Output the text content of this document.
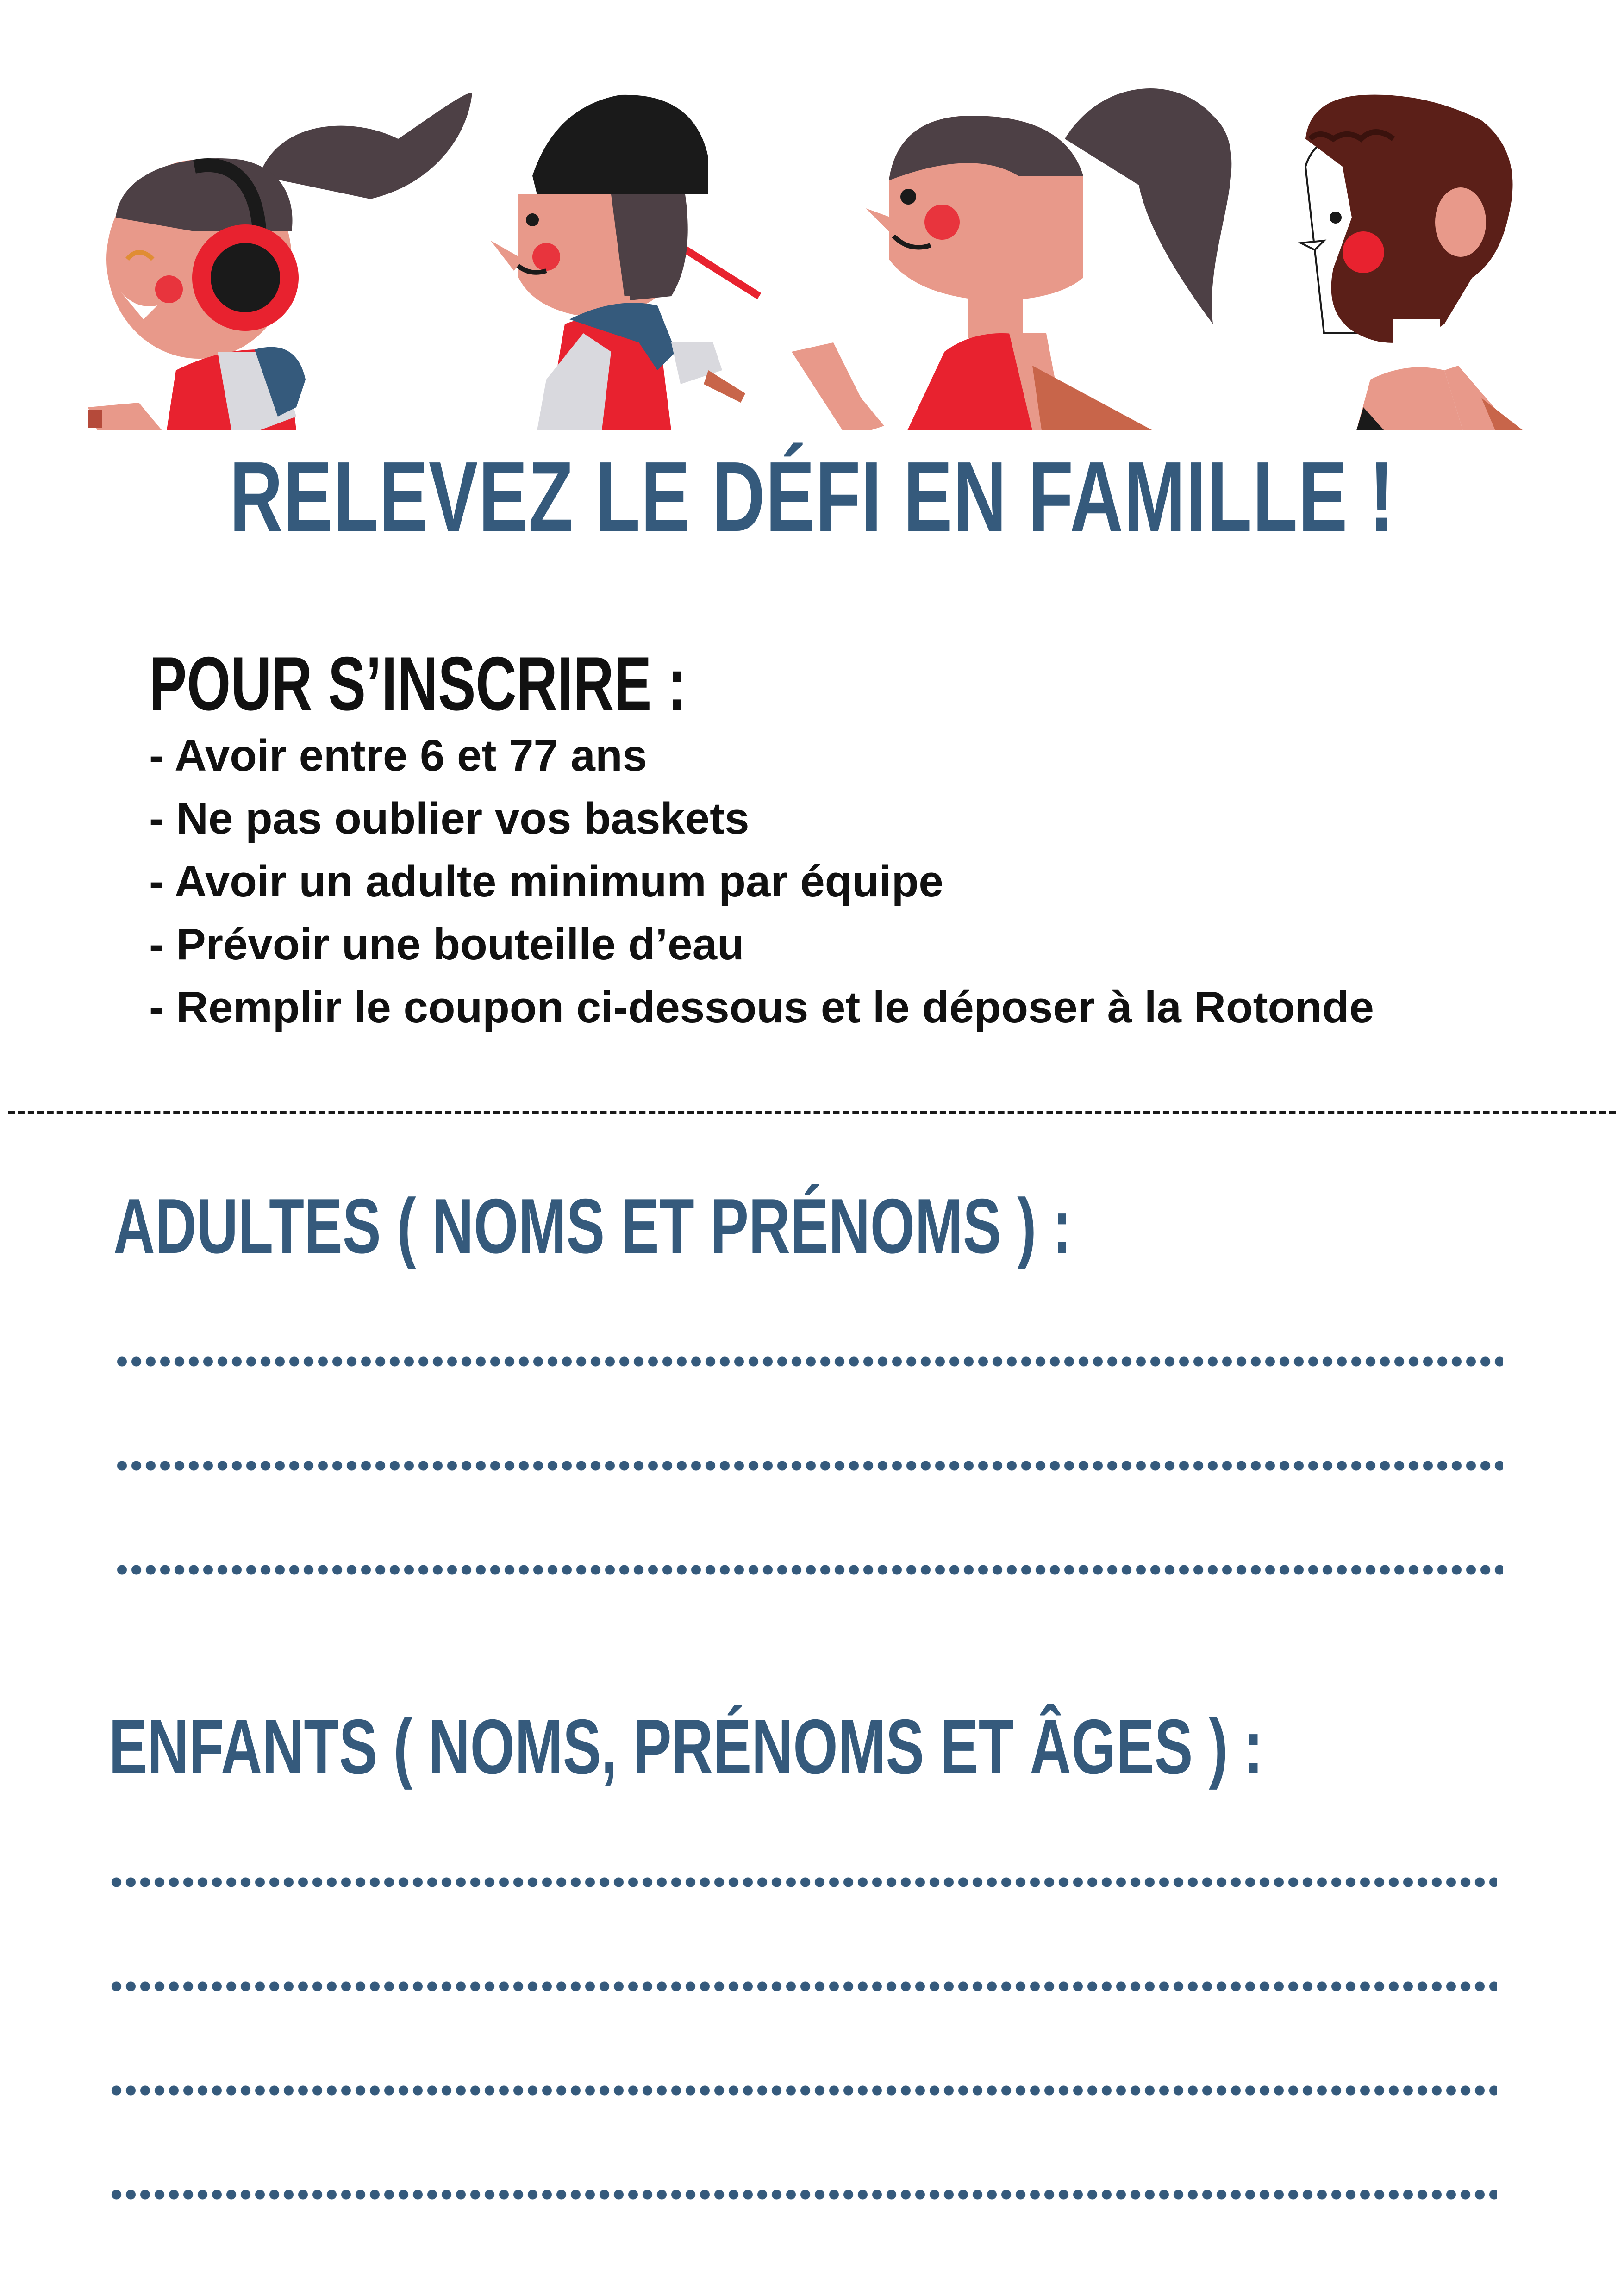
RELEVEZ LE DÉFI EN FAMILLE !
POUR S’INSCRIRE :
- Avoir entre 6 et 77 ans
- Ne pas oublier vos baskets
- Avoir un adulte minimum par équipe
- Prévoir une bouteille d’eau
- Remplir le coupon ci-dessous et le déposer à la Rotonde
ADULTES ( NOMS ET PRÉNOMS ) :
ENFANTS ( NOMS, PRÉNOMS ET ÂGES ) :
